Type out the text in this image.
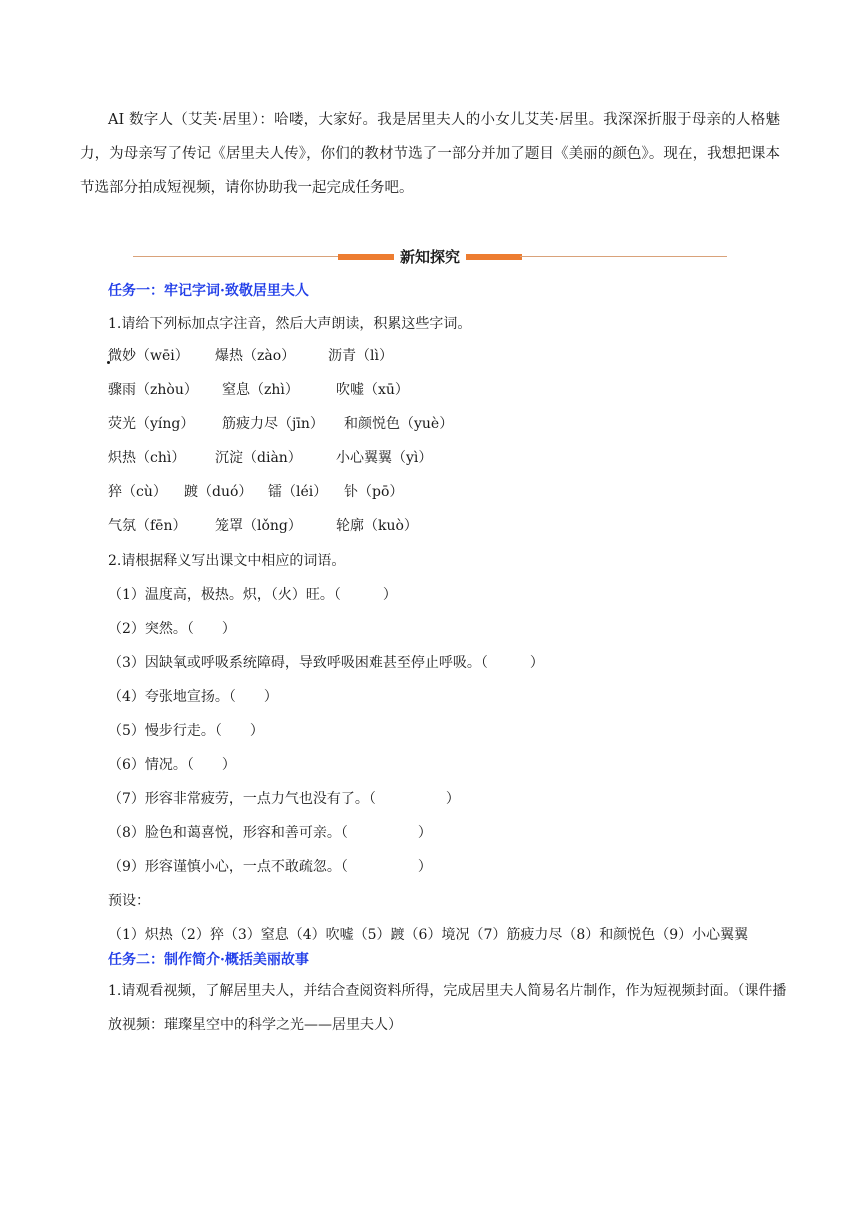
AI 数字人（艾芙·居里）：哈喽，大家好。我是居里夫人的小女儿艾芙·居里。我深深折服于母亲的人格魅力，为母亲写了传记《居里夫人传》，你们的教材节选了一部分并加了题目《美丽的颜色》。现在，我想把课本节选部分拍成短视频，请你协助我一起完成任务吧。

新知探究

任务一：牢记字词·致敬居里夫人

1.请给下列标加点字注音，然后大声朗读，积累这些字词。

微妙（wēi） 爆热（zào） 沥青（lì）
骤雨（zhòu） 窒息（zhì）	吹嘘（xū）
荧光（yíng） 筋疲力尽（jīn） 和颜悦色（yuè）
炽热（chì） 沉淀（diàn） 小心翼翼（yì）
猝（cù） 踱（duó） 镭（léi） 钋（pō）
气氛（fēn） 笼罩（lǒng） 轮廓（kuò）

2.请根据释义写出课文中相应的词语。

（1）温度高，极热。炽，（火）旺。（　　　）

（2）突然。（　　）

（3）因缺氧或呼吸系统障碍，导致呼吸困难甚至停止呼吸。（　　　）

（4）夸张地宣扬。（　　）

（5）慢步行走。（　　）

（6）情况。（　　）

（7）形容非常疲劳，一点力气也没有了。（　　　　　）

（8）脸色和蔼喜悦，形容和善可亲。（　　　　　）

（9）形容谨慎小心，一点不敢疏忽。（　　　　　）

预设：

（1）炽热（2）猝（3）窒息（4）吹嘘（5）踱（6）境况（7）筋疲力尽（8）和颜悦色（9）小心翼翼

任务二：制作简介·概括美丽故事

1.请观看视频，了解居里夫人，并结合查阅资料所得，完成居里夫人简易名片制作，作为短视频封面。（课件播放视频：璀璨星空中的科学之光——居里夫人）
